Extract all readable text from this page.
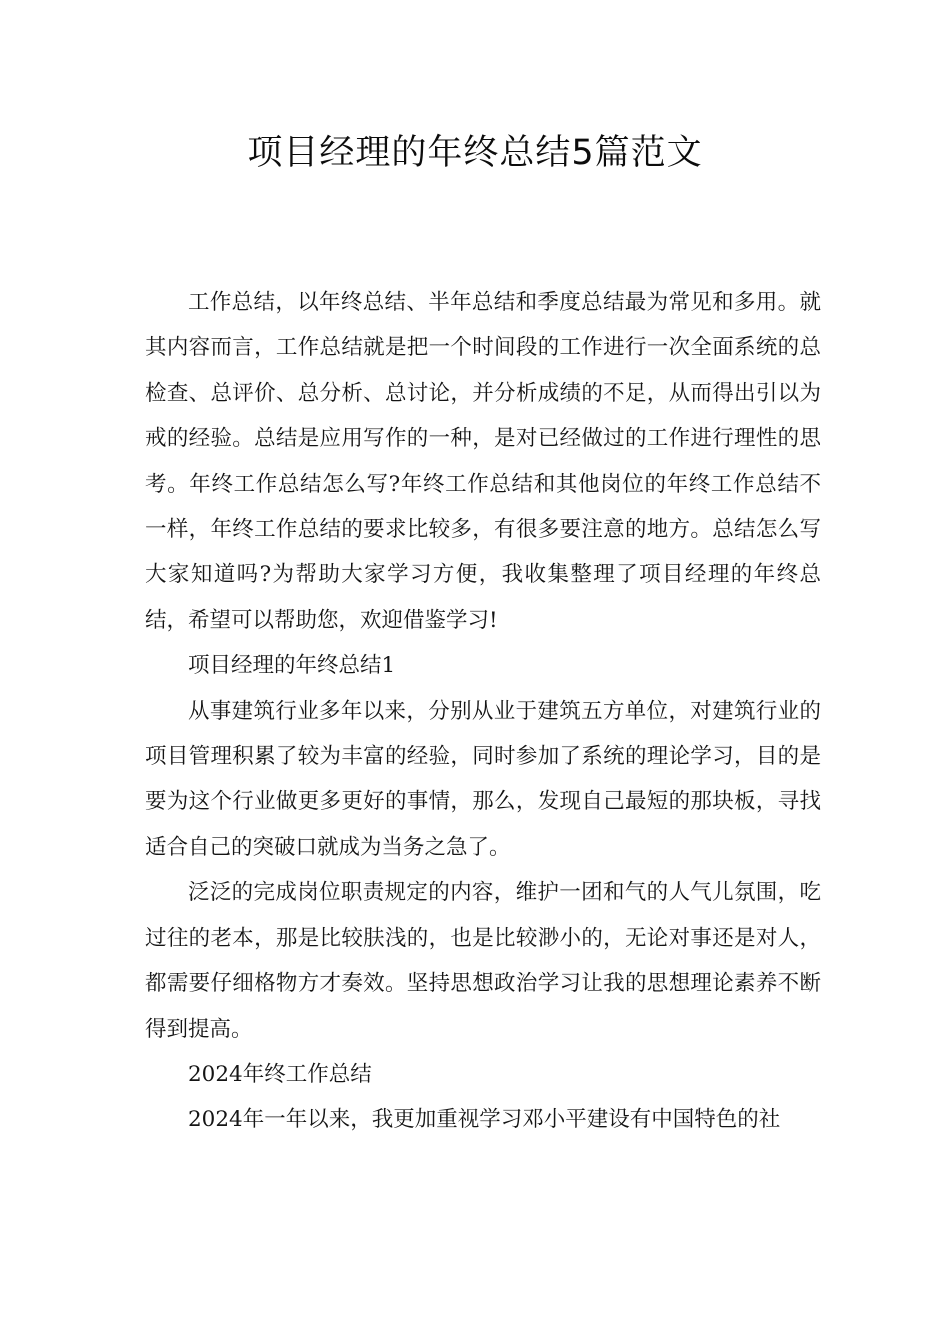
项目经理的年终总结5篇范文

工作总结，以年终总结、半年总结和季度总结最为常见和多用。就其内容而言，工作总结就是把一个时间段的工作进行一次全面系统的总检查、总评价、总分析、总讨论，并分析成绩的不足，从而得出引以为戒的经验。总结是应用写作的一种，是对已经做过的工作进行理性的思考。年终工作总结怎么写?年终工作总结和其他岗位的年终工作总结不一样，年终工作总结的要求比较多，有很多要注意的地方。总结怎么写大家知道吗?为帮助大家学习方便，我收集整理了项目经理的年终总结，希望可以帮助您，欢迎借鉴学习!

项目经理的年终总结1

从事建筑行业多年以来，分别从业于建筑五方单位，对建筑行业的项目管理积累了较为丰富的经验，同时参加了系统的理论学习，目的是要为这个行业做更多更好的事情，那么，发现自己最短的那块板，寻找适合自己的突破口就成为当务之急了。

泛泛的完成岗位职责规定的内容，维护一团和气的人气儿氛围，吃过往的老本，那是比较肤浅的，也是比较渺小的，无论对事还是对人，都需要仔细格物方才奏效。坚持思想政治学习让我的思想理论素养不断得到提高。

2024年终工作总结

2024年一年以来，我更加重视学习邓小平建设有中国特色的社
